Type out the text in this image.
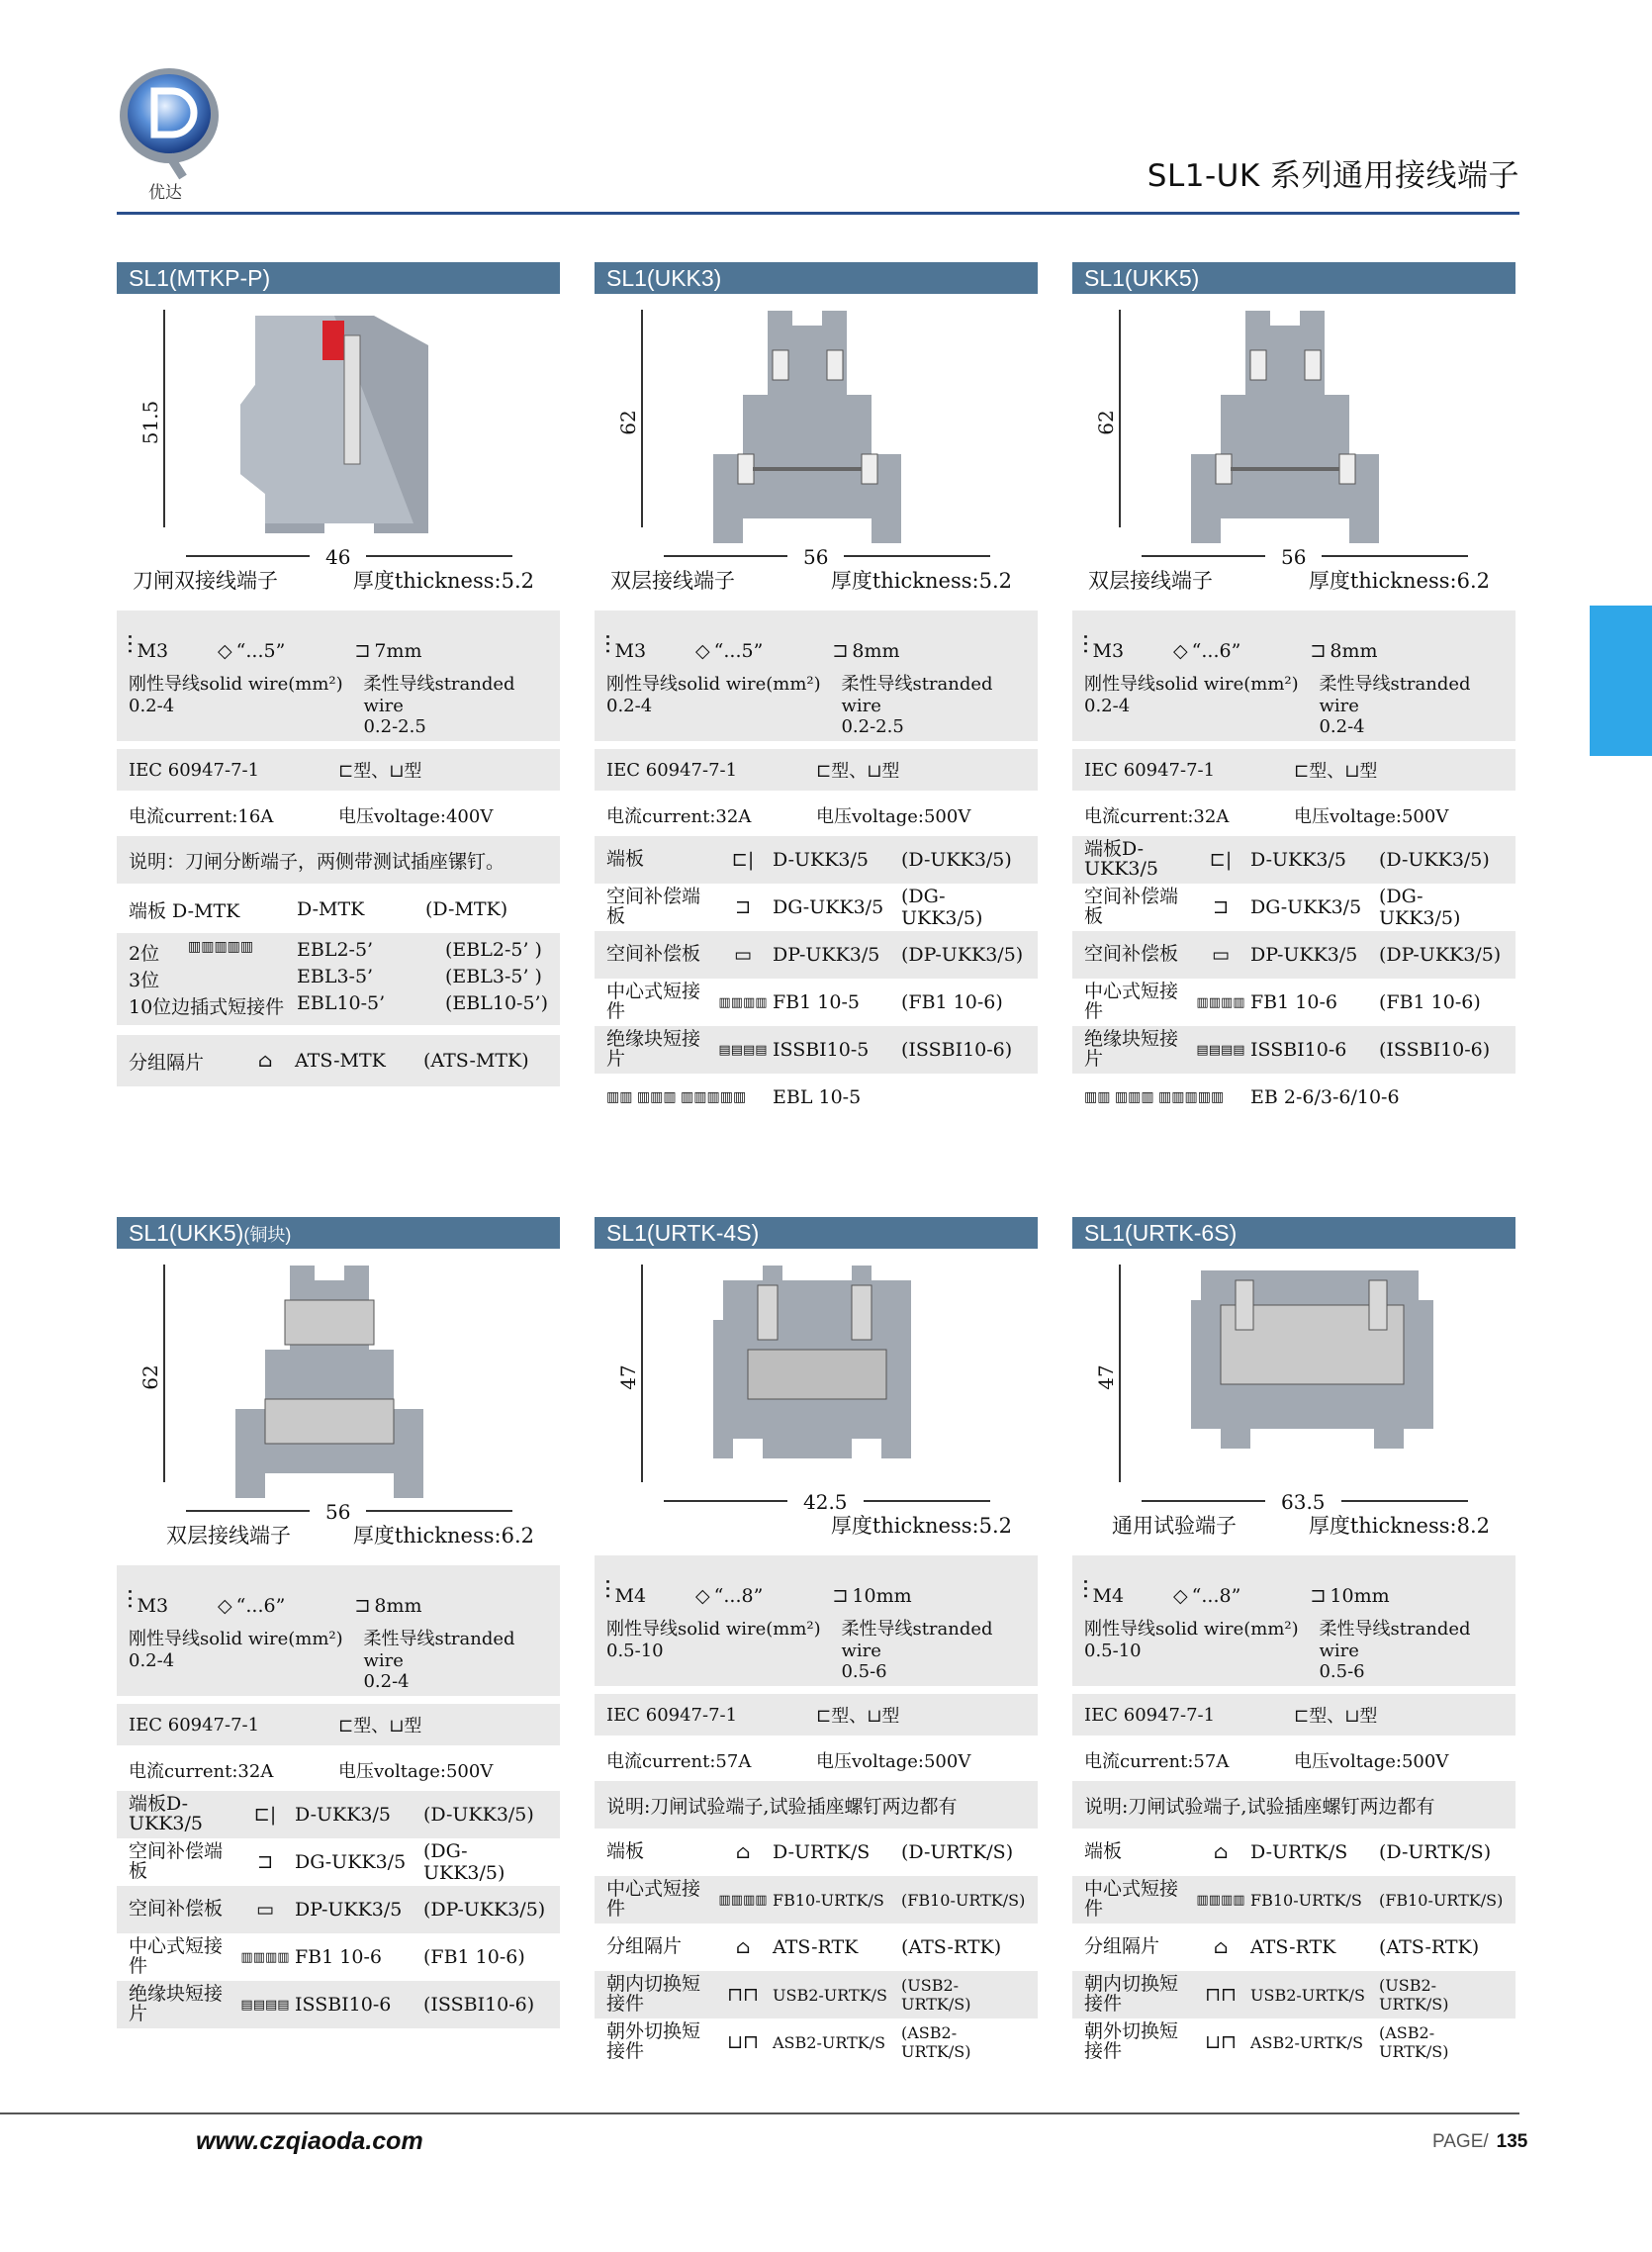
优达	SL1-UK 系列通用接线端子
SL1(MTKP-P)
51.5
46
刀闸双接线端子	厚度thickness:5.2
⫶ M3	◇ “...5”	⊐ 7mm
刚性导线solid wire(mm²)
0.2-4
柔性导线stranded wire
0.2-2.5
IEC 60947-7-1	⊏型、⊔型
电流current:16A	电压voltage:400V
说明：刀闸分断端子，两侧带测试插座镙钉。
端板 D-MTK	D-MTK	(D-MTK)
2位	▥▥▥▥▥	EBL2-5’	(EBL2-5’ )
3位	EBL3-5’	(EBL3-5’ )
10位边插式短接件 EBL10-5’	(EBL10-5’)
分组隔片	⌂	ATS-MTK	(ATS-MTK)
SL1(UKK3)
62
56
双层接线端子	厚度thickness:5.2
⫶ M3	◇ “...5”	⊐ 8mm
刚性导线solid wire(mm²)
0.2-4
柔性导线stranded wire
0.2-2.5
IEC 60947-7-1	⊏型、⊔型
电流current:32A	电压voltage:500V
端板	⊏| D-UKK3/5	(D-UKK3/5)
空间补偿端板	⊐	DG-UKK3/5 (DG-UKK3/5)
空间补偿板	▭	DP-UKK3/5	(DP-UKK3/5)
中心式短接件	▥▥▥▥ FB1 10-5	(FB1 10-6)
绝缘块短接片	▤▤▤▤ ISSBI10-5	(ISSBI10-6)
▥▥ ▥▥▥ ▥▥▥▥▥	EBL 10-5
SL1(UKK5)
62
56
双层接线端子	厚度thickness:6.2
⫶ M3	◇ “...6”	⊐ 8mm
刚性导线solid wire(mm²)
0.2-4
柔性导线stranded wire
0.2-4
IEC 60947-7-1	⊏型、⊔型
电流current:32A	电压voltage:500V
端板D-UKK3/5	⊏| D-UKK3/5	(D-UKK3/5)
空间补偿端板	⊐	DG-UKK3/5 (DG-UKK3/5)
空间补偿板	▭	DP-UKK3/5	(DP-UKK3/5)
中心式短接件	▥▥▥▥ FB1 10-6	(FB1 10-6)
绝缘块短接片	▤▤▤▤ ISSBI10-6	(ISSBI10-6)
▥▥ ▥▥▥ ▥▥▥▥▥	EB 2-6/3-6/10-6
SL1(UKK5)(铜块)
62
56
双层接线端子	厚度thickness:6.2
⫶ M3	◇ “...6”	⊐ 8mm
刚性导线solid wire(mm²)
0.2-4
柔性导线stranded wire
0.2-4
IEC 60947-7-1	⊏型、⊔型
电流current:32A	电压voltage:500V
端板D-UKK3/5	⊏| D-UKK3/5	(D-UKK3/5)
空间补偿端板	⊐	DG-UKK3/5 (DG-UKK3/5)
空间补偿板	▭	DP-UKK3/5	(DP-UKK3/5)
中心式短接件	▥▥▥▥ FB1 10-6	(FB1 10-6)
绝缘块短接片	▤▤▤▤ ISSBI10-6	(ISSBI10-6)
SL1(URTK-4S)
47
42.5
厚度thickness:5.2
⫶ M4	◇ “...8”	⊐ 10mm
刚性导线solid wire(mm²)
0.5-10
柔性导线stranded wire
0.5-6
IEC 60947-7-1	⊏型、⊔型
电流current:57A	电压voltage:500V
说明:刀闸试验端子,试验插座螺钉两边都有
端板	⌂	D-URTK/S	(D-URTK/S)
中心式短接件	▥▥▥▥ FB10-URTK/S	(FB10-URTK/S)
分组隔片	⌂	ATS-RTK	(ATS-RTK)
朝内切换短接件	⊓⊓ USB2-URTK/S (USB2-URTK/S)
朝外切换短接件	⊔⊓ ASB2-URTK/S (ASB2-URTK/S)
SL1(URTK-6S)
47
63.5
通用试验端子	厚度thickness:8.2
⫶ M4	◇ “...8”	⊐ 10mm
刚性导线solid wire(mm²)
0.5-10
柔性导线stranded wire
0.5-6
IEC 60947-7-1	⊏型、⊔型
电流current:57A	电压voltage:500V
说明:刀闸试验端子,试验插座螺钉两边都有
端板	⌂	D-URTK/S	(D-URTK/S)
中心式短接件	▥▥▥▥ FB10-URTK/S	(FB10-URTK/S)
分组隔片	⌂	ATS-RTK	(ATS-RTK)
朝内切换短接件	⊓⊓ USB2-URTK/S (USB2-URTK/S)
朝外切换短接件	⊔⊓ ASB2-URTK/S (ASB2-URTK/S)
www.czqiaoda.com	PAGE/ 135
